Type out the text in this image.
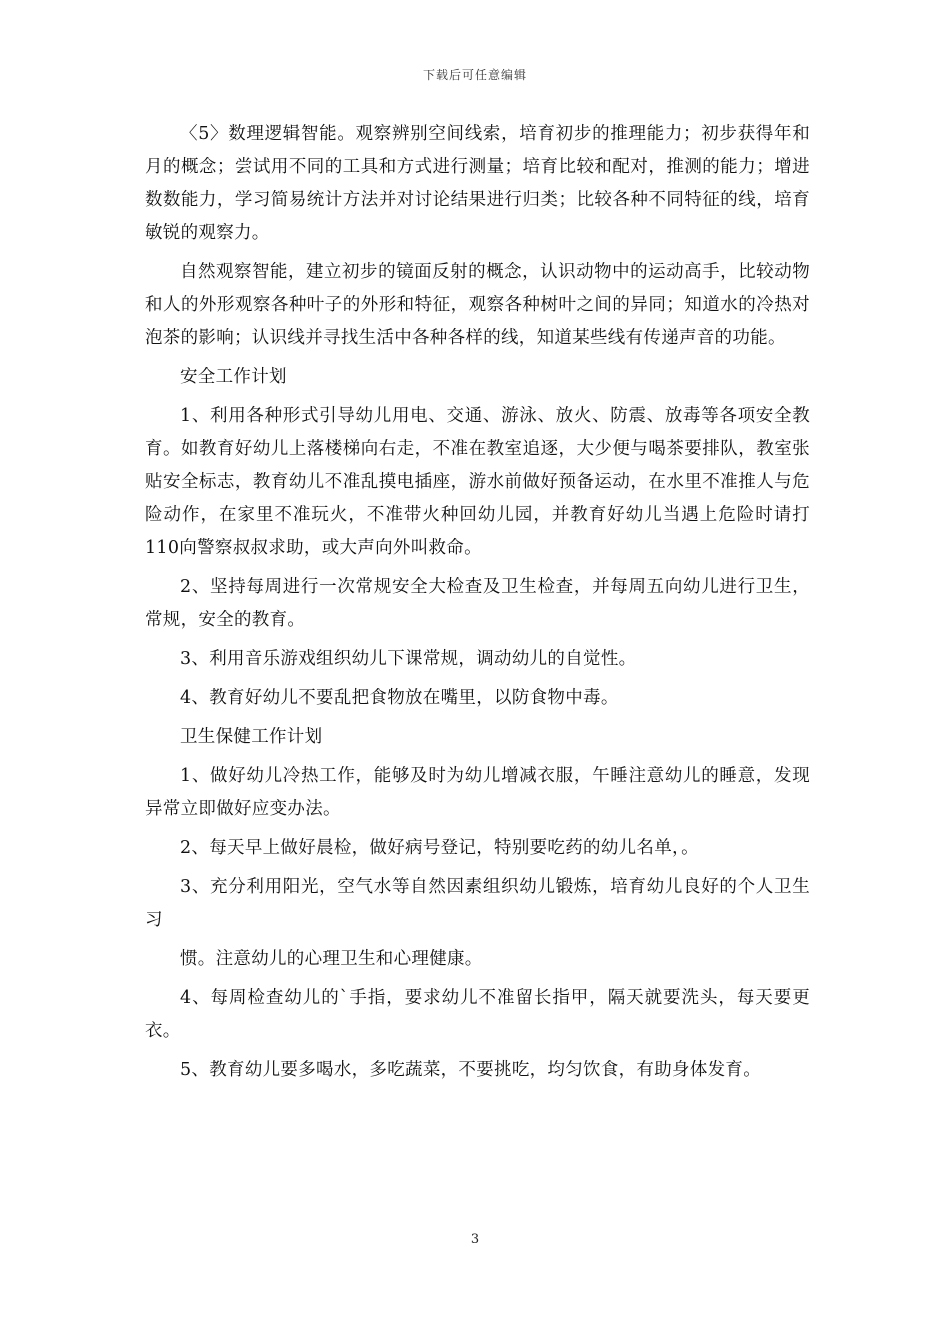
下载后可任意编辑

〈5〉数理逻辑智能。观察辨别空间线索，培育初步的推理能力；初步获得年和月的概念；尝试用不同的工具和方式进行测量；培育比较和配对，推测的能力；增进数数能力，学习简易统计方法并对讨论结果进行归类；比较各种不同特征的线，培育敏锐的观察力。

自然观察智能，建立初步的镜面反射的概念，认识动物中的运动高手，比较动物和人的外形观察各种叶子的外形和特征，观察各种树叶之间的异同；知道水的冷热对泡茶的影响；认识线并寻找生活中各种各样的线，知道某些线有传递声音的功能。

安全工作计划

1、利用各种形式引导幼儿用电、交通、游泳、放火、防震、放毒等各项安全教育。如教育好幼儿上落楼梯向右走，不准在教室追逐，大少便与喝茶要排队，教室张贴安全标志，教育幼儿不准乱摸电插座，游水前做好预备运动，在水里不准推人与危险动作，在家里不准玩火，不准带火种回幼儿园，并教育好幼儿当遇上危险时请打110向警察叔叔求助，或大声向外叫救命。

2、坚持每周进行一次常规安全大检查及卫生检查，并每周五向幼儿进行卫生，常规，安全的教育。

3、利用音乐游戏组织幼儿下课常规，调动幼儿的自觉性。

4、教育好幼儿不要乱把食物放在嘴里，以防食物中毒。

卫生保健工作计划

1、做好幼儿冷热工作，能够及时为幼儿增减衣服，午睡注意幼儿的睡意，发现异常立即做好应变办法。

2、每天早上做好晨检，做好病号登记，特别要吃药的幼儿名单，。

3、充分利用阳光，空气水等自然因素组织幼儿锻炼，培育幼儿良好的个人卫生习

惯。注意幼儿的心理卫生和心理健康。

4、每周检查幼儿的`手指，要求幼儿不准留长指甲，隔天就要洗头，每天要更衣。

5、教育幼儿要多喝水，多吃蔬菜，不要挑吃，均匀饮食，有助身体发育。

3
